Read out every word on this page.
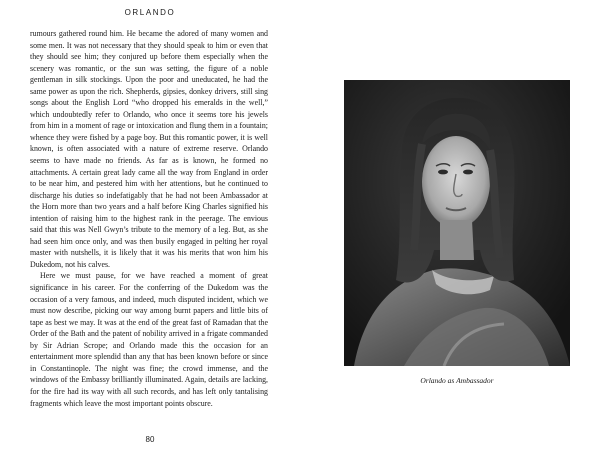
ORLANDO

rumours gathered round him. He became the adored of many women and some men. It was not necessary that they should speak to him or even that they should see him; they conjured up before them especially when the scenery was romantic, or the sun was setting, the figure of a noble gentleman in silk stockings. Upon the poor and uneducated, he had the same power as upon the rich. Shepherds, gipsies, donkey drivers, still sing songs about the English Lord “who dropped his emeralds in the well,” which undoubtedly refer to Orlando, who once it seems tore his jewels from him in a moment of rage or intoxication and flung them in a fountain; whence they were fished by a page boy. But this romantic power, it is well known, is often associated with a nature of extreme reserve. Orlando seems to have made no friends. As far as is known, he formed no attachments. A certain great lady came all the way from England in order to be near him, and pestered him with her attentions, but he continued to discharge his duties so indefatigably that he had not been Ambassador at the Horn more than two years and a half before King Charles signified his intention of raising him to the highest rank in the peerage. The envious said that this was Nell Gwyn’s tribute to the memory of a leg. But, as she had seen him once only, and was then busily engaged in pelting her royal master with nutshells, it is likely that it was his merits that won him his Dukedom, not his calves.

Here we must pause, for we have reached a moment of great significance in his career. For the conferring of the Dukedom was the occasion of a very famous, and indeed, much disputed incident, which we must now describe, picking our way among burnt papers and little bits of tape as best we may. It was at the end of the great fast of Ramadan that the Order of the Bath and the patent of nobility arrived in a frigate commanded by Sir Adrian Scrope; and Orlando made this the occasion for an entertainment more splendid than any that has been known before or since in Constantinople. The night was fine; the crowd immense, and the windows of the Embassy brilliantly illuminated. Again, details are lacking, for the fire had its way with all such records, and has left only tantalising fragments which leave the most important points obscure.

80
Orlando as Ambassador
